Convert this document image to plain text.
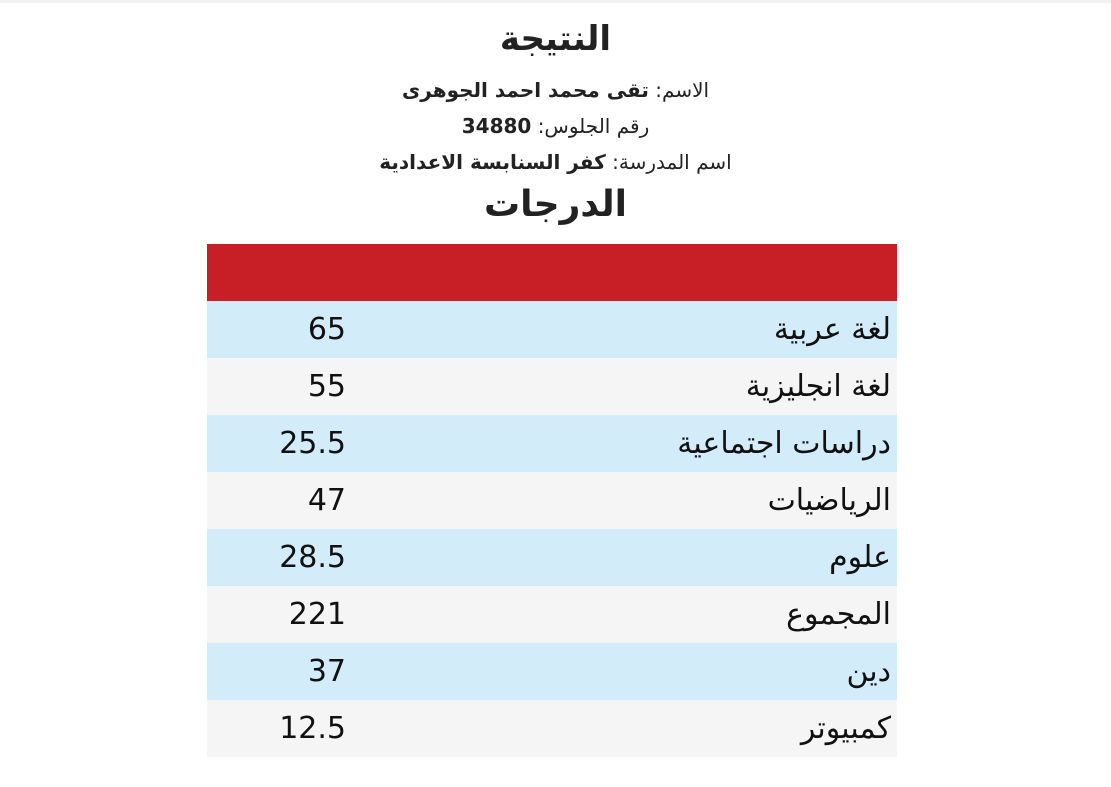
النتيجة
الاسم: تقى محمد احمد الجوهرى
رقم الجلوس: 34880
اسم المدرسة: كفر السنابسة الاعدادية
الدرجات

لغة عربية	65
لغة انجليزية	55
دراسات اجتماعية	25.5
الرياضيات	47
علوم	28.5
المجموع	221
دين	37
كمبيوتر	12.5
